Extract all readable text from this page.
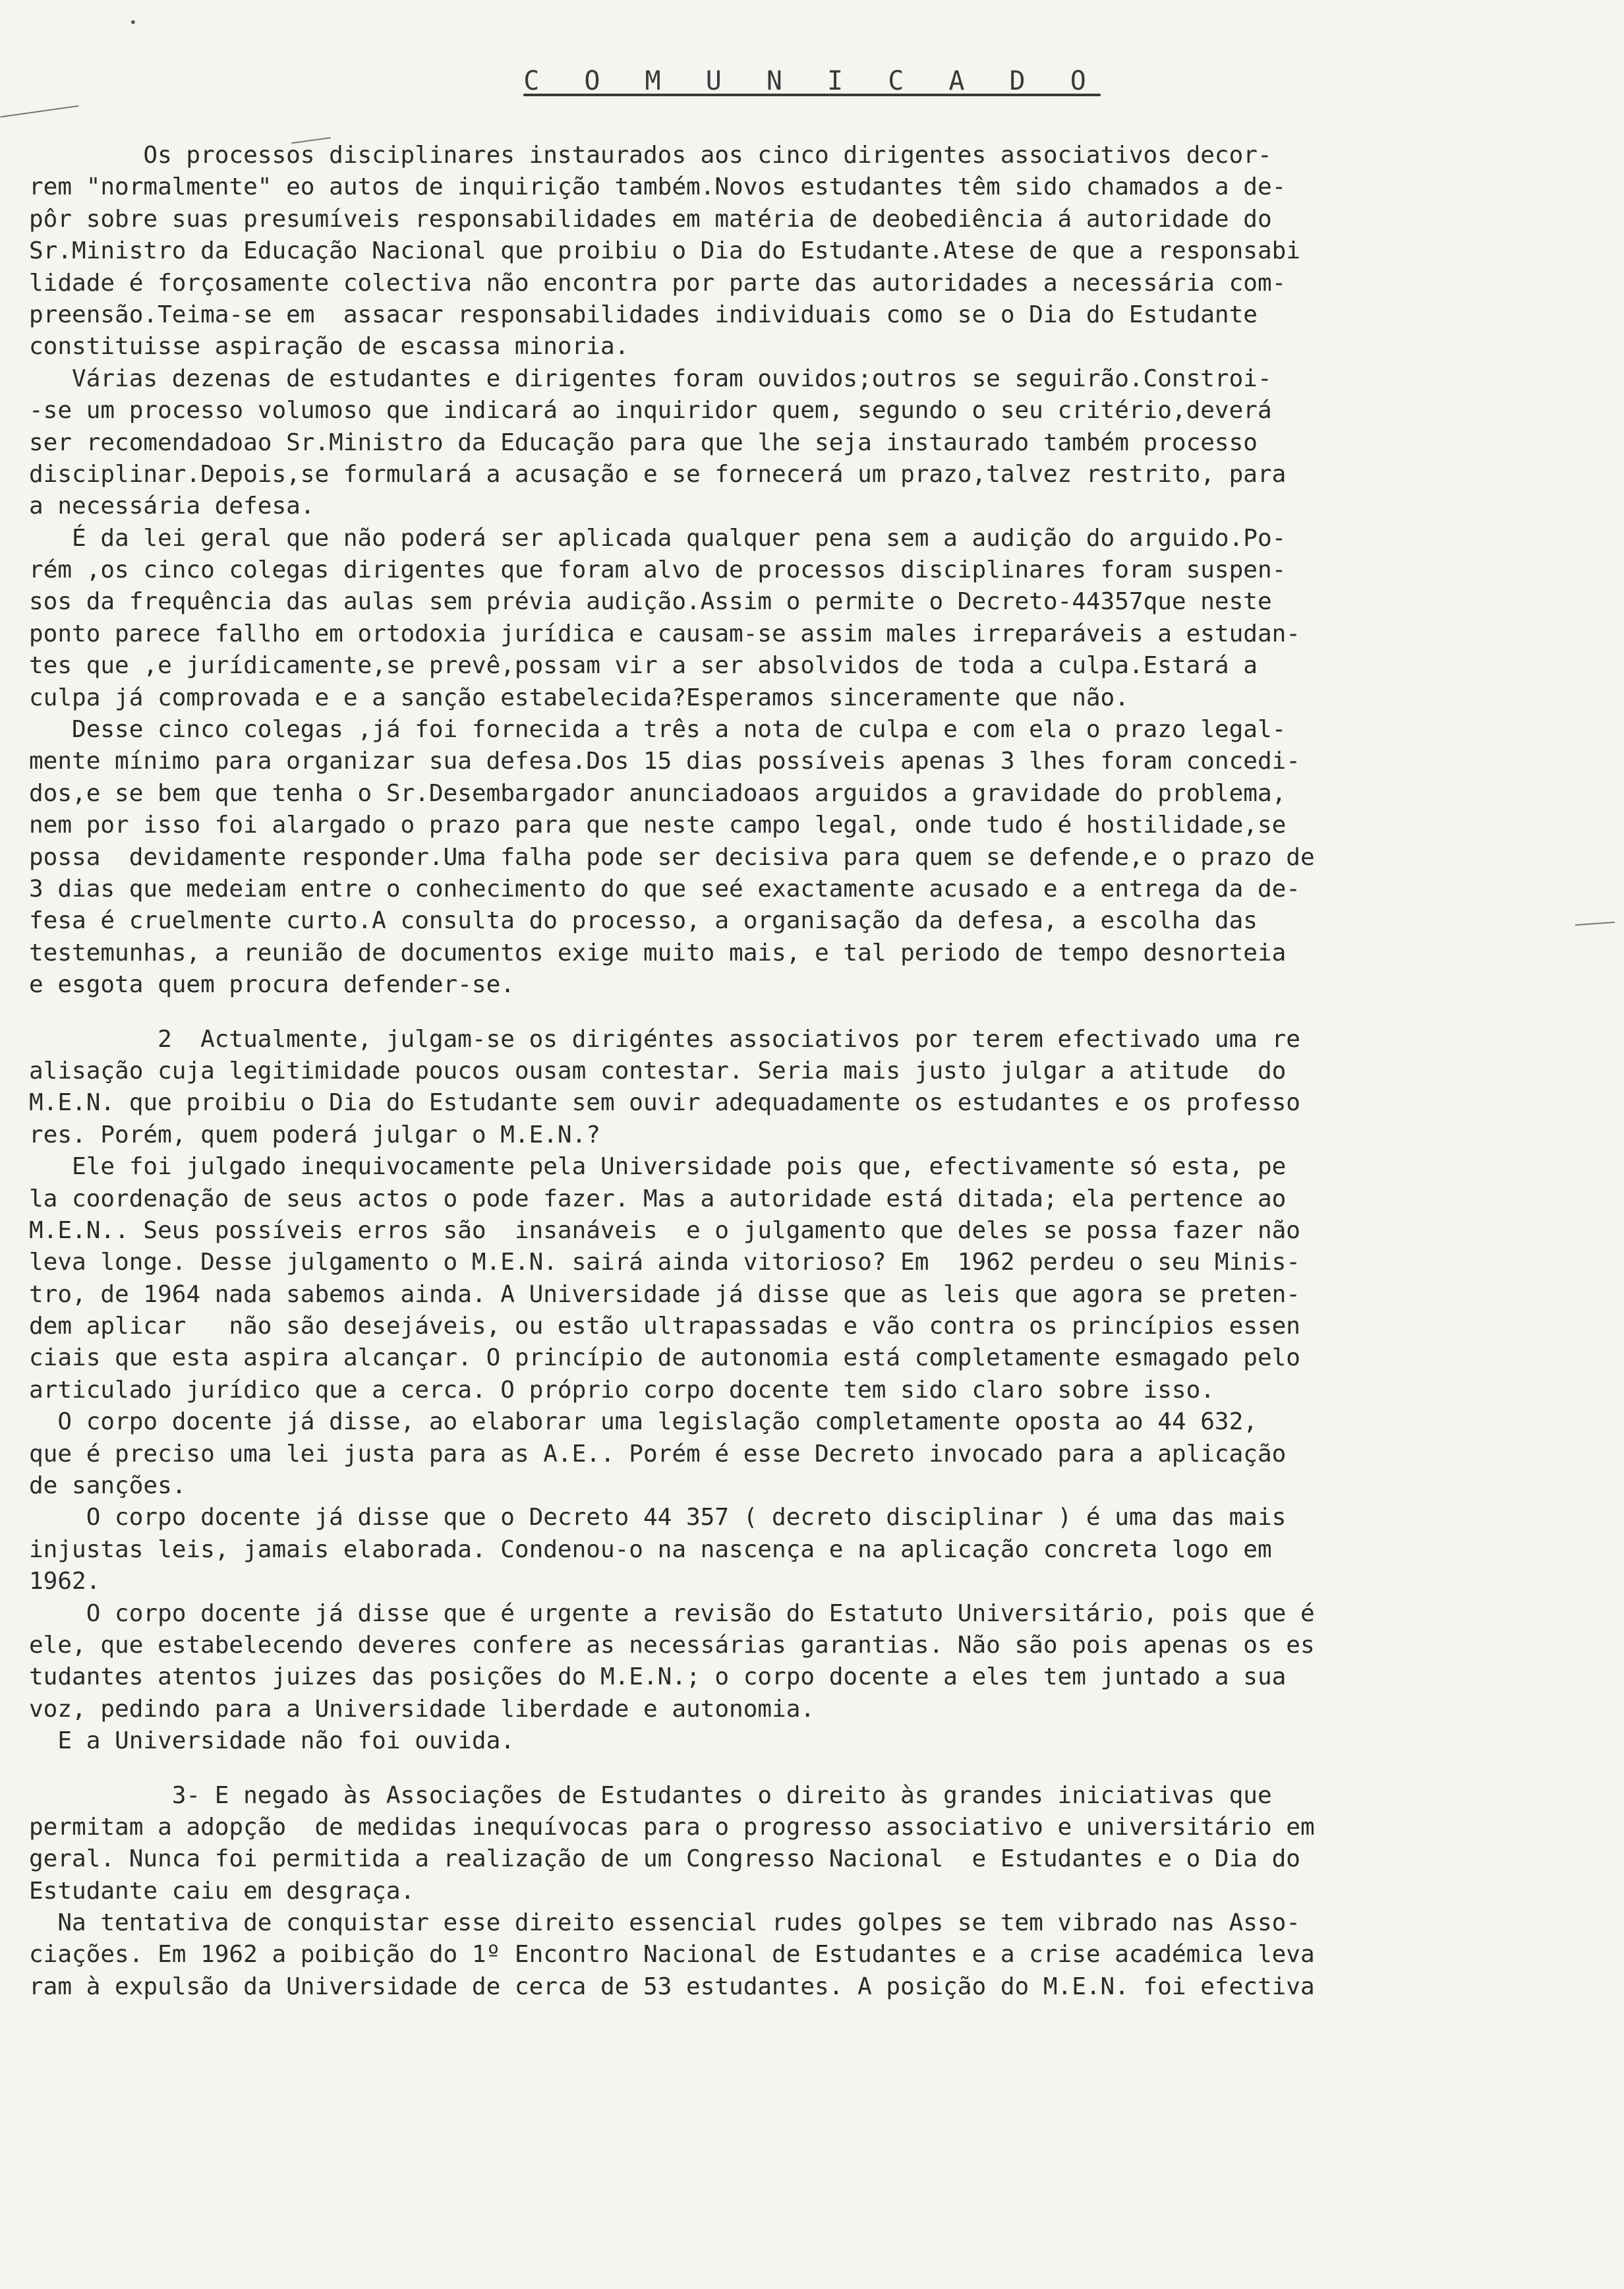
C O M U N I C A D O
•
Os processos disciplinares instaurados aos cinco dirigentes associativos decor-
rem "normalmente" eo autos de inquirição também.Novos estudantes têm sido chamados a de-
pôr sobre suas presumíveis responsabilidades em matéria de deobediência á autoridade do
Sr.Ministro da Educação Nacional que proibiu o Dia do Estudante.Atese de que a responsabi
lidade é forçosamente colectiva não encontra por parte das autoridades a necessária com-
preensão.Teima-se em  assacar responsabilidades individuais como se o Dia do Estudante
constituisse aspiração de escassa minoria.
Várias dezenas de estudantes e dirigentes foram ouvidos;outros se seguirão.Constroi-
-se um processo volumoso que indicará ao inquiridor quem, segundo o seu critério,deverá
ser recomendadoao Sr.Ministro da Educação para que lhe seja instaurado também processo
disciplinar.Depois,se formulará a acusação e se fornecerá um prazo,talvez restrito, para
a necessária defesa.
É da lei geral que não poderá ser aplicada qualquer pena sem a audição do arguido.Po-
rém ,os cinco colegas dirigentes que foram alvo de processos disciplinares foram suspen-
sos da frequência das aulas sem prévia audição.Assim o permite o Decreto-44357que neste
ponto parece fallho em ortodoxia jurídica e causam-se assim males irreparáveis a estudan-
tes que ,e jurídicamente,se prevê,possam vir a ser absolvidos de toda a culpa.Estará a
culpa já comprovada e e a sanção estabelecida?Esperamos sinceramente que não.
Desse cinco colegas ,já foi fornecida a três a nota de culpa e com ela o prazo legal-
mente mínimo para organizar sua defesa.Dos 15 dias possíveis apenas 3 lhes foram concedi-
dos,e se bem que tenha o Sr.Desembargador anunciadoaos arguidos a gravidade do problema,
nem por isso foi alargado o prazo para que neste campo legal, onde tudo é hostilidade,se
possa  devidamente responder.Uma falha pode ser decisiva para quem se defende,e o prazo de
3 dias que medeiam entre o conhecimento do que seé exactamente acusado e a entrega da de-
fesa é cruelmente curto.A consulta do processo, a organisação da defesa, a escolha das
testemunhas, a reunião de documentos exige muito mais, e tal periodo de tempo desnorteia
e esgota quem procura defender-se.
2  Actualmente, julgam-se os dirigéntes associativos por terem efectivado uma re
alisação cuja legitimidade poucos ousam contestar. Seria mais justo julgar a atitude  do
M.E.N. que proibiu o Dia do Estudante sem ouvir adequadamente os estudantes e os professo
res. Porém, quem poderá julgar o M.E.N.?
Ele foi julgado inequivocamente pela Universidade pois que, efectivamente só esta, pe
la coordenação de seus actos o pode fazer. Mas a autoridade está ditada; ela pertence ao
M.E.N.. Seus possíveis erros são  insanáveis  e o julgamento que deles se possa fazer não
leva longe. Desse julgamento o M.E.N. sairá ainda vitorioso? Em  1962 perdeu o seu Minis-
tro, de 1964 nada sabemos ainda. A Universidade já disse que as leis que agora se preten-
dem aplicar   não são desejáveis, ou estão ultrapassadas e vão contra os princípios essen
ciais que esta aspira alcançar. O princípio de autonomia está completamente esmagado pelo
articulado jurídico que a cerca. O próprio corpo docente tem sido claro sobre isso.
O corpo docente já disse, ao elaborar uma legislação completamente oposta ao 44 632,
que é preciso uma lei justa para as A.E.. Porém é esse Decreto invocado para a aplicação
de sanções.
O corpo docente já disse que o Decreto 44 357 ( decreto disciplinar ) é uma das mais
injustas leis, jamais elaborada. Condenou-o na nascença e na aplicação concreta logo em
1962.
O corpo docente já disse que é urgente a revisão do Estatuto Universitário, pois que é
ele, que estabelecendo deveres confere as necessárias garantias. Não são pois apenas os es
tudantes atentos juizes das posições do M.E.N.; o corpo docente a eles tem juntado a sua
voz, pedindo para a Universidade liberdade e autonomia.
E a Universidade não foi ouvida.
3- E negado às Associações de Estudantes o direito às grandes iniciativas que
permitam a adopção  de medidas inequívocas para o progresso associativo e universitário em
geral. Nunca foi permitida a realização de um Congresso Nacional  e Estudantes e o Dia do
Estudante caiu em desgraça.
Na tentativa de conquistar esse direito essencial rudes golpes se tem vibrado nas Asso-
ciações. Em 1962 a poibição do 1º Encontro Nacional de Estudantes e a crise académica leva
ram à expulsão da Universidade de cerca de 53 estudantes. A posição do M.E.N. foi efectiva
